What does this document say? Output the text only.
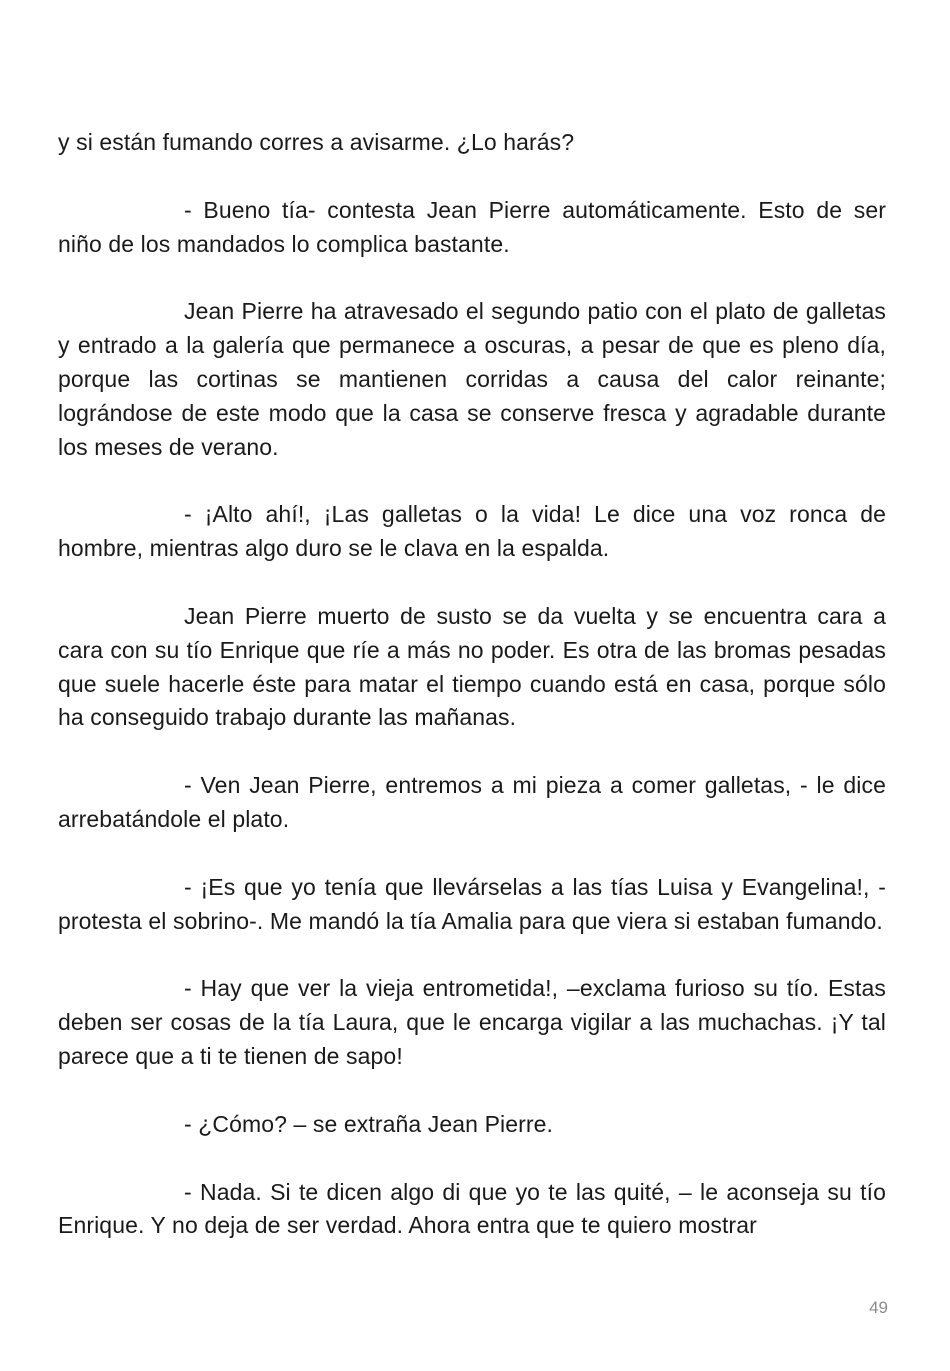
y si están fumando corres a avisarme. ¿Lo harás?

- Bueno tía- contesta Jean Pierre automáticamente. Esto de ser niño de los mandados lo complica bastante.

Jean Pierre ha atravesado el segundo patio con el plato de galletas y entrado a la galería que permanece a oscuras, a pesar de que es pleno día, porque las cortinas se mantienen corridas a causa del calor reinante; lográndose de este modo que la casa se conserve fresca y agradable durante los meses de verano.

- ¡Alto ahí!, ¡Las galletas o la vida! Le dice una voz ronca de hombre, mientras algo duro se le clava en la espalda.

Jean Pierre muerto de susto se da vuelta y se encuentra cara a cara con su tío Enrique que ríe a más no poder. Es otra de las bromas pesadas que suele hacerle éste para matar el tiempo cuando está en casa, porque sólo ha conseguido trabajo durante las mañanas.

- Ven Jean Pierre, entremos a mi pieza a comer galletas, - le dice arrebatándole el plato.

- ¡Es que yo tenía que llevárselas a las tías Luisa y Evangelina!, - protesta el sobrino-. Me mandó la tía Amalia para que viera si estaban fumando.

- Hay que ver la vieja entrometida!, –exclama furioso su tío. Estas deben ser cosas de la tía Laura, que le encarga vigilar a las muchachas. ¡Y tal parece que a ti te tienen de sapo!

- ¿Cómo? – se extraña Jean Pierre.

- Nada. Si te dicen algo di que yo te las quité, – le aconseja su tío Enrique. Y no deja de ser verdad. Ahora entra que te quiero mostrar

49
